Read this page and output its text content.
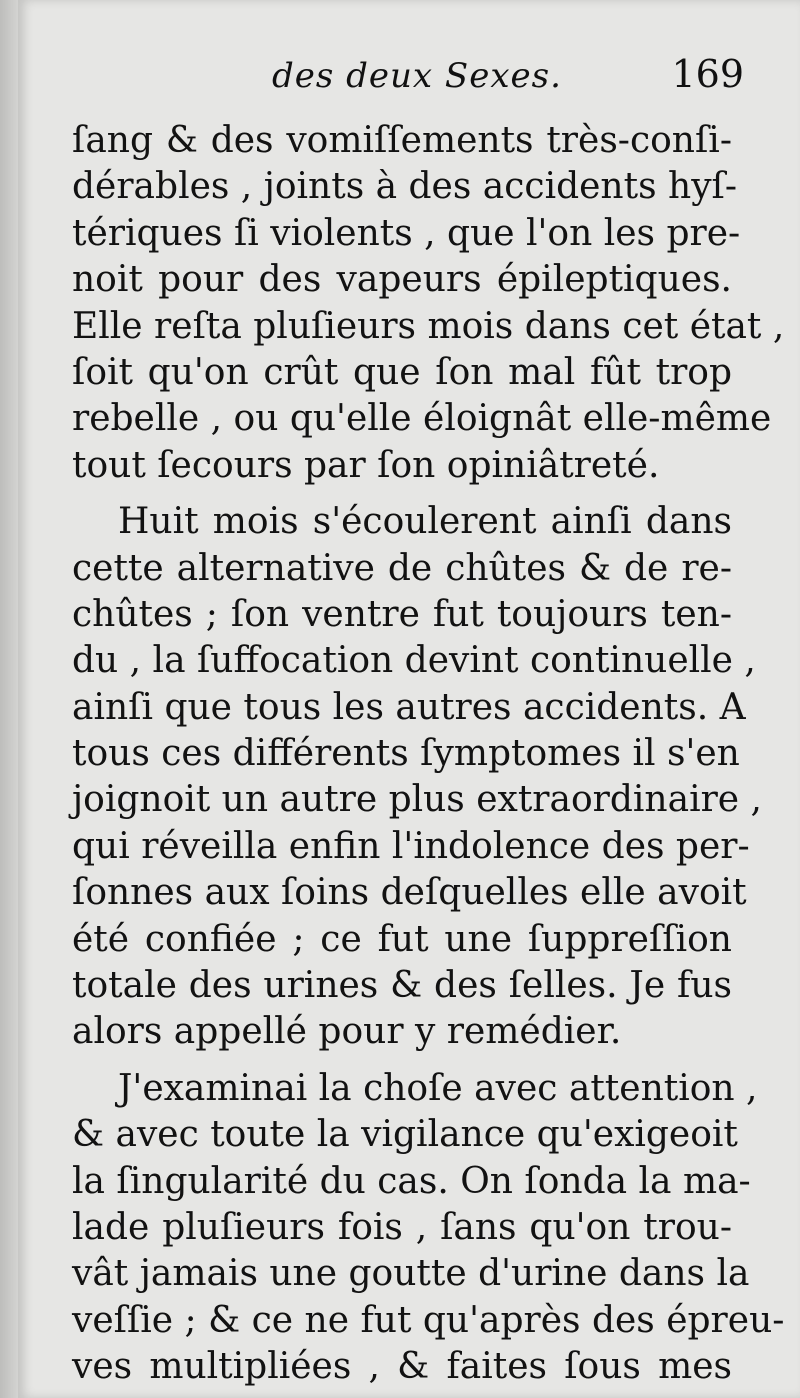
des deux Sexes.	169
ſang & des vomiſſements très-conſi-
dérables , joints à des accidents hyſ-
tériques ſi violents , que l'on les pre-
noit pour des vapeurs épileptiques.
Elle reſta pluſieurs mois dans cet état ,
ſoit qu'on crût que ſon mal fût trop
rebelle , ou qu'elle éloignât elle-même
tout ſecours par ſon opiniâtreté.
Huit mois s'écoulerent ainſi dans
cette alternative de chûtes & de re-
chûtes ; ſon ventre fut toujours ten-
du , la ſuffocation devint continuelle ,
ainſi que tous les autres accidents. A
tous ces différents ſymptomes il s'en
joignoit un autre plus extraordinaire ,
qui réveilla enfin l'indolence des per-
ſonnes aux ſoins deſquelles elle avoit
été confiée ; ce fut une ſuppreſſion
totale des urines & des ſelles. Je fus
alors appellé pour y remédier.
J'examinai la choſe avec attention ,
& avec toute la vigilance qu'exigeoit
la ſingularité du cas. On ſonda la ma-
lade pluſieurs fois , ſans qu'on trou-
vât jamais une goutte d'urine dans la
veſſie ; & ce ne fut qu'après des épreu-
ves multipliées , & faites ſous mes
